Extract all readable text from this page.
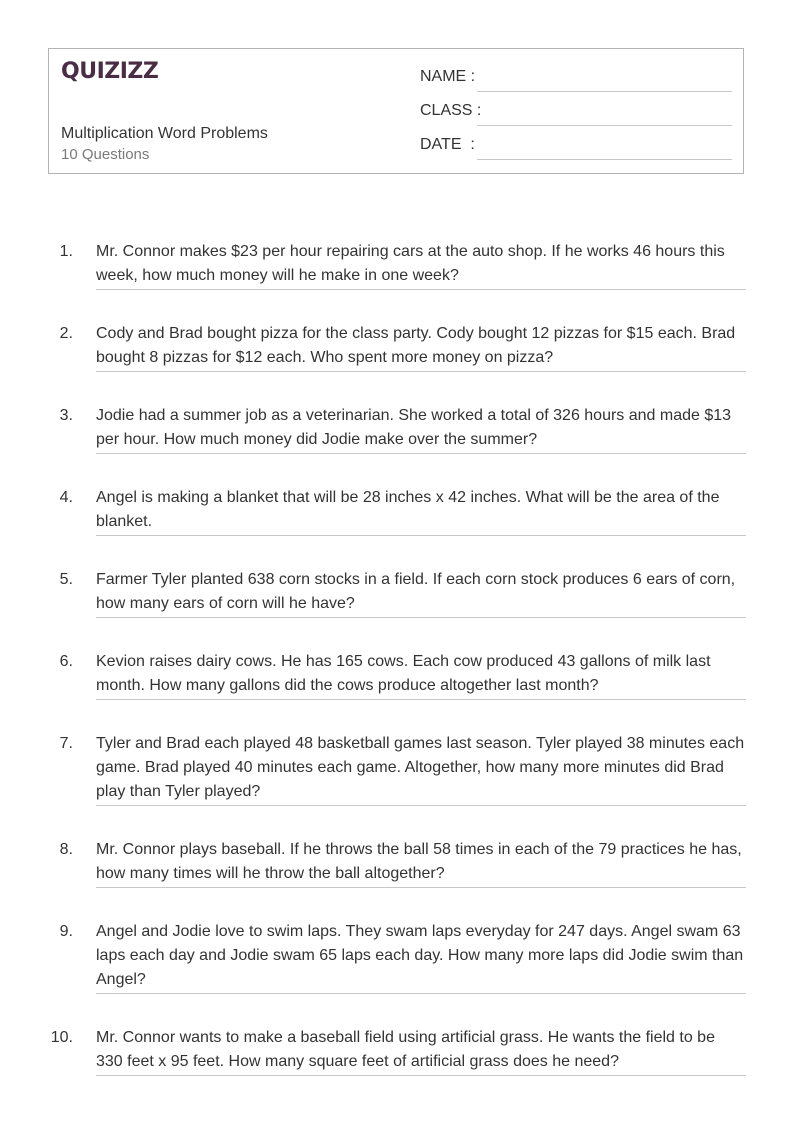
QUIZIZZ
Multiplication Word Problems
10 Questions
NAME :
CLASS :
DATE  :
1. Mr. Connor makes $23 per hour repairing cars at the auto shop. If he works 46 hours this week, how much money will he make in one week?
2. Cody and Brad bought pizza for the class party. Cody bought 12 pizzas for $15 each. Brad bought 8 pizzas for $12 each. Who spent more money on pizza?
3. Jodie had a summer job as a veterinarian. She worked a total of 326 hours and made $13 per hour. How much money did Jodie make over the summer?
4. Angel is making a blanket that will be 28 inches x 42 inches. What will be the area of the blanket.
5. Farmer Tyler planted 638 corn stocks in a field. If each corn stock produces 6 ears of corn, how many ears of corn will he have?
6. Kevion raises dairy cows. He has 165 cows. Each cow produced 43 gallons of milk last month. How many gallons did the cows produce altogether last month?
7. Tyler and Brad each played 48 basketball games last season. Tyler played 38 minutes each game. Brad played 40 minutes each game. Altogether, how many more minutes did Brad play than Tyler played?
8. Mr. Connor plays baseball. If he throws the ball 58 times in each of the 79 practices he has, how many times will he throw the ball altogether?
9. Angel and Jodie love to swim laps. They swam laps everyday for 247 days. Angel swam 63 laps each day and Jodie swam 65 laps each day. How many more laps did Jodie swim than Angel?
10. Mr. Connor wants to make a baseball field using artificial grass. He wants the field to be 330 feet x 95 feet. How many square feet of artificial grass does he need?
